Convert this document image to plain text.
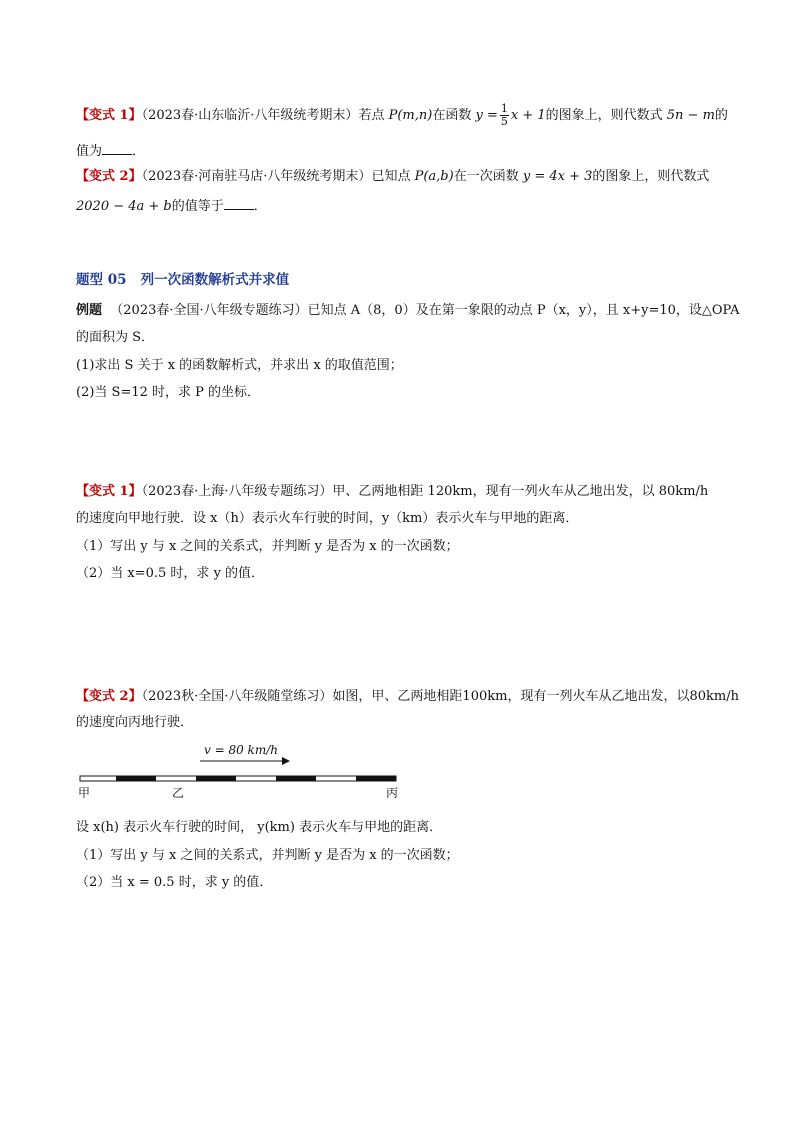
【变式 1】（2023春·山东临沂·八年级统考期末）若点 P(m,n)在函数 $y = \frac{1}{5}$ x + 1的图象上，则代数式 5n − m的
值为 ．
【变式 2】（2023春·河南驻马店·八年级统考期末）已知点 P(a,b)在一次函数 y = 4x + 3的图象上，则代数式
2020 − 4a + b的值等于 ．
题型 05 列一次函数解析式并求值
例题 （2023春·全国·八年级专题练习）已知点 A（8，0）及在第一象限的动点 P（x，y），且 x+y=10，设△OPA
的面积为 S．
(1)求出 S 关于 x 的函数解析式，并求出 x 的取值范围；
(2)当 S=12 时，求 P 的坐标．
【变式 1】（2023春·上海·八年级专题练习）甲、乙两地相距 120km，现有一列火车从乙地出发，以 80km/h
的速度向甲地行驶．设 x（h）表示火车行驶的时间，y（km）表示火车与甲地的距离．
（1）写出 y 与 x 之间的关系式，并判断 y 是否为 x 的一次函数；
（2）当 x=0.5 时，求 y 的值．
【变式 2】（2023秋·全国·八年级随堂练习）如图，甲、乙两地相距100km，现有一列火车从乙地出发，以80km/h
的速度向丙地行驶．
v = 80 km/h
甲	乙	丙
设 x(h) 表示火车行驶的时间， y(km) 表示火车与甲地的距离．
（1）写出 y 与 x 之间的关系式，并判断 y 是否为 x 的一次函数；
（2）当 x = 0.5 时，求 y 的值．
